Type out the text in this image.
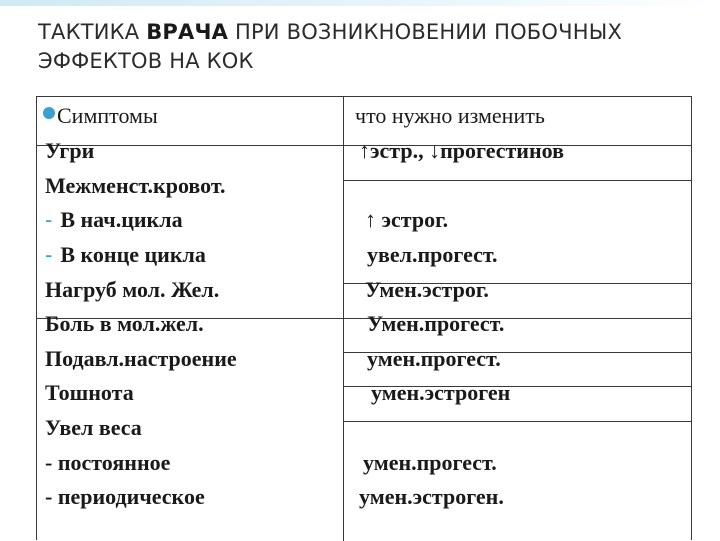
ТАКТИКА ВРАЧА ПРИ ВОЗНИКНОВЕНИИ ПОБОЧНЫХ ЭФФЕКТОВ НА КОК
Симптомы	что нужно изменить
Угри
Межменст.кровот.
- В нач.цикла
- В конце цикла
Нагруб мол. Жел.
Боль в мол.жел.
Подавл.настроение
Тошнота
Увел веса
- постоянное
- периодическое
↑эстр., ↓прогестинов
↑ эстрог.
увел.прогест.
Умен.эстрог.
Умен.прогест.
умен.прогест.
умен.эстроген
умен.прогест.
умен.эстроген.
